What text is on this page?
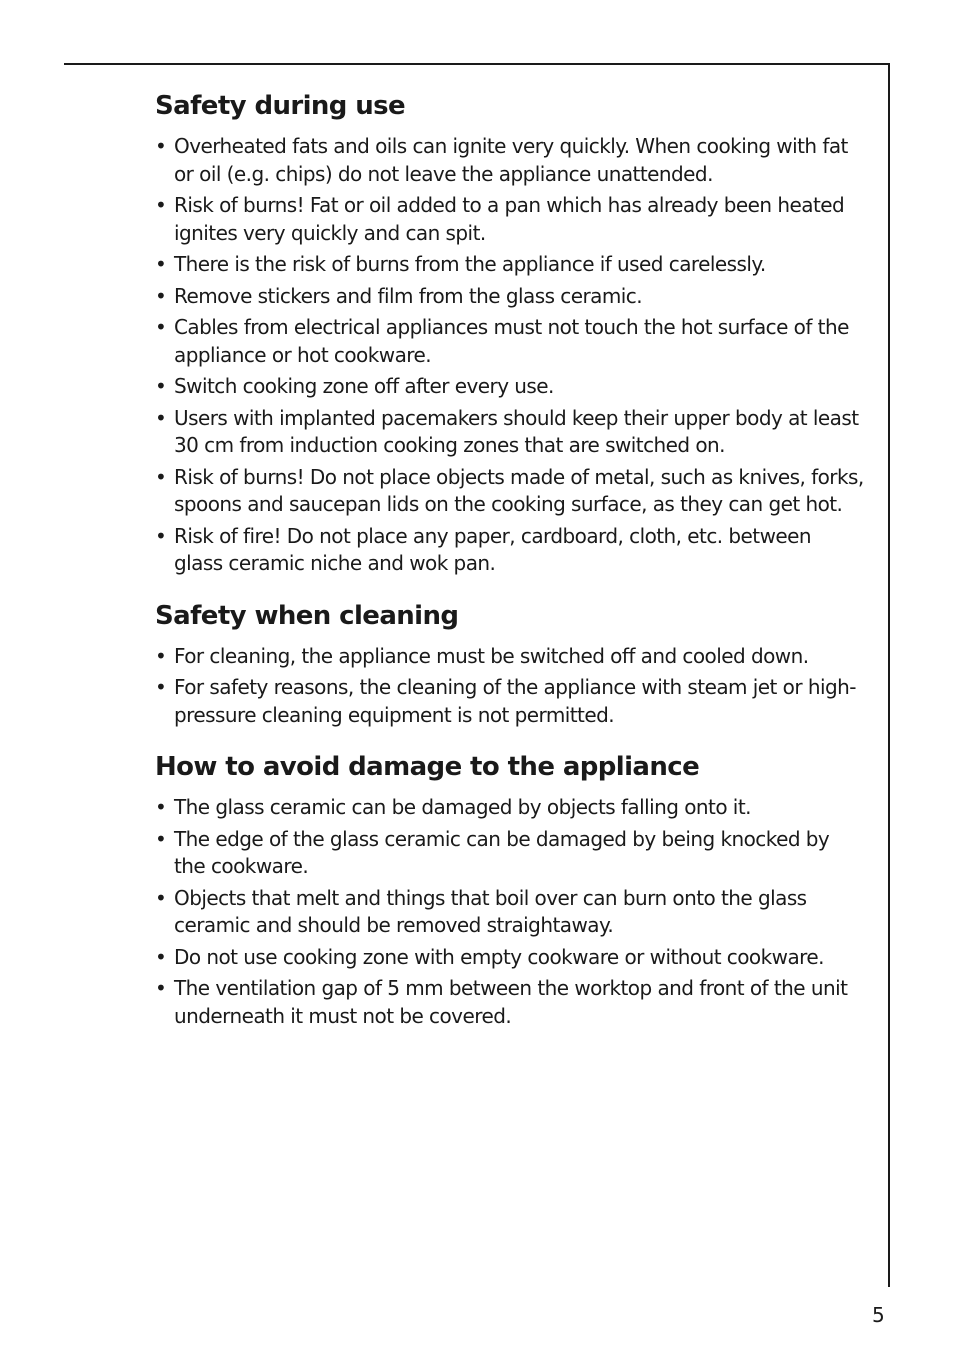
Safety during use
• Overheated fats and oils can ignite very quickly. When cooking with fat or oil (e.g. chips) do not leave the appliance unattended.
• Risk of burns! Fat or oil added to a pan which has already been heated ignites very quickly and can spit.
• There is the risk of burns from the appliance if used carelessly.
• Remove stickers and film from the glass ceramic.
• Cables from electrical appliances must not touch the hot surface of the appliance or hot cookware.
• Switch cooking zone off after every use.
• Users with implanted pacemakers should keep their upper body at least 30 cm from induction cooking zones that are switched on.
• Risk of burns! Do not place objects made of metal, such as knives, forks, spoons and saucepan lids on the cooking surface, as they can get hot.
• Risk of fire! Do not place any paper, cardboard, cloth, etc. between glass ceramic niche and wok pan.
Safety when cleaning
• For cleaning, the appliance must be switched off and cooled down.
• For safety reasons, the cleaning of the appliance with steam jet or high-pressure cleaning equipment is not permitted.
How to avoid damage to the appliance
• The glass ceramic can be damaged by objects falling onto it.
• The edge of the glass ceramic can be damaged by being knocked by the cookware.
• Objects that melt and things that boil over can burn onto the glass ceramic and should be removed straightaway.
• Do not use cooking zone with empty cookware or without cookware.
• The ventilation gap of 5 mm between the worktop and front of the unit underneath it must not be covered.
5
